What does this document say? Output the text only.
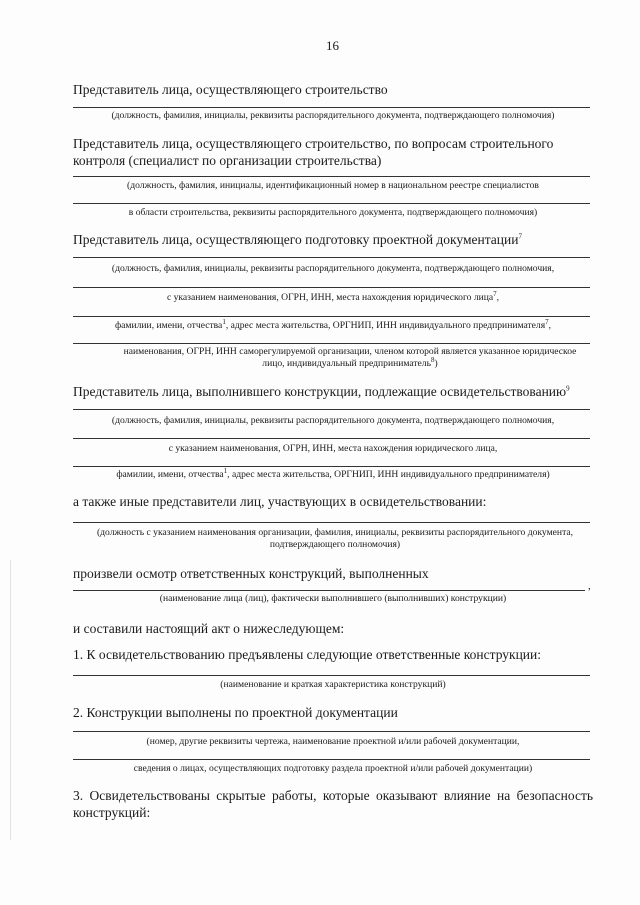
16
Представитель лица, осуществляющего строительство
(должность, фамилия, инициалы, реквизиты распорядительного документа, подтверждающего полномочия)
Представитель лица, осуществляющего строительство, по вопросам строительного контроля (специалист по организации строительства)
(должность, фамилия, инициалы, идентификационный номер в национальном реестре специалистов
в области строительства, реквизиты распорядительного документа, подтверждающего полномочия)
Представитель лица, осуществляющего подготовку проектной документации$^7$
(должность, фамилия, инициалы, реквизиты распорядительного документа, подтверждающего полномочия,
с указанием наименования, ОГРН, ИНН, места нахождения юридического лица$^7$,
фамилии, имени, отчества$^1$, адрес места жительства, ОРГНИП, ИНН индивидуального предпринимателя$^7$,
наименования, ОГРН, ИНН саморегулируемой организации, членом которой является указанное юридическое лицо, индивидуальный предприниматель$^8$)
Представитель лица, выполнившего конструкции, подлежащие освидетельствованию$^9$
(должность, фамилия, инициалы, реквизиты распорядительного документа, подтверждающего полномочия,
с указанием наименования, ОГРН, ИНН, места нахождения юридического лица,
фамилии, имени, отчества$^1$, адрес места жительства, ОРГНИП, ИНН индивидуального предпринимателя)
а также иные представители лиц, участвующих в освидетельствовании:
(должность с указанием наименования организации, фамилия, инициалы, реквизиты распорядительного документа, подтверждающего полномочия)
произвели осмотр ответственных конструкций, выполненных
,
(наименование лица (лиц), фактически выполнившего (выполнивших) конструкции)
и составили настоящий акт о нижеследующем:
1. К освидетельствованию предъявлены следующие ответственные конструкции:
(наименование и краткая характеристика конструкций)
2. Конструкции выполнены по проектной документации
(номер, другие реквизиты чертежа, наименование проектной и/или рабочей документации,
сведения о лицах, осуществляющих подготовку раздела проектной и/или рабочей документации)
3. Освидетельствованы скрытые работы, которые оказывают влияние на безопасность конструкций:
